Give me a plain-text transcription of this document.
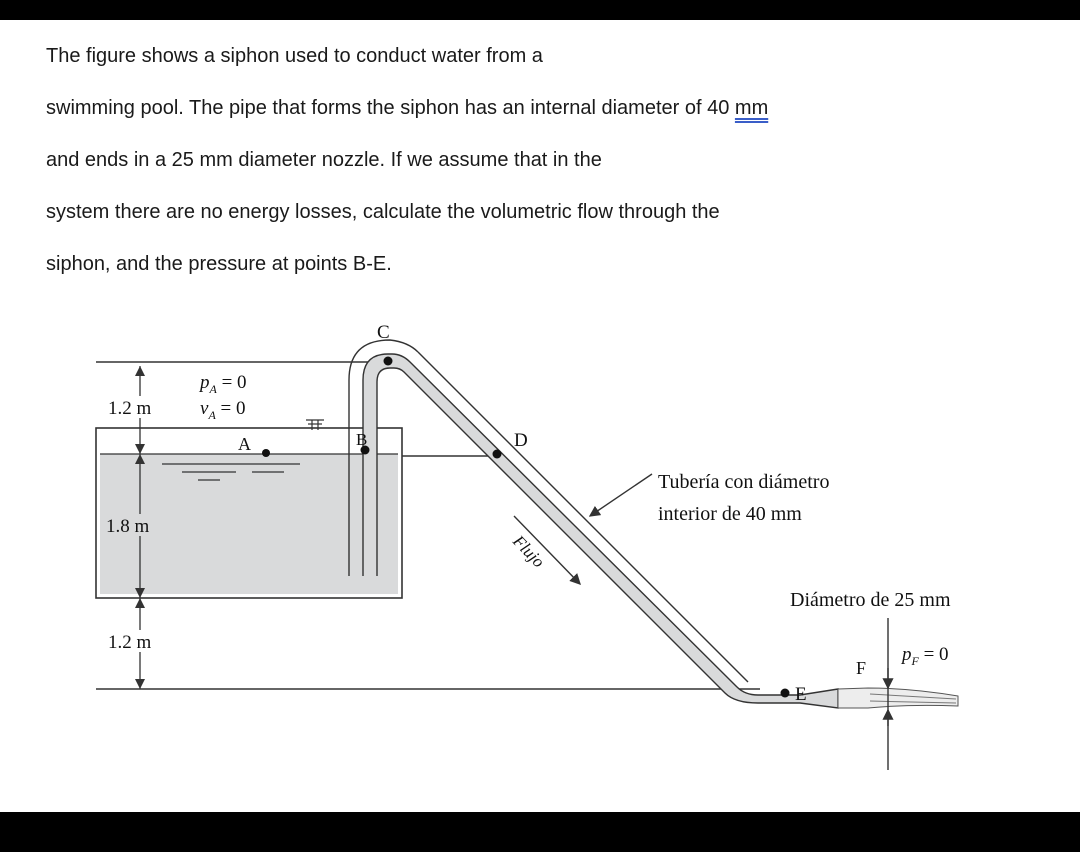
The figure shows a siphon used to conduct water from a
swimming pool. The pipe that forms the siphon has an internal diameter of 40 mm
and ends in a 25 mm diameter nozzle. If we assume that in the
system there are no energy losses, calculate the volumetric flow through the
siphon, and the pressure at points B-E.
A
$p_A = 0$
$v_A = 0$
C
B	D
E
F
$p_F = 0$
Tubería con diámetro
interior de 40 mm
Diámetro de 25 mm
Flujo
1.2 m
1.8 m
1.2 m
